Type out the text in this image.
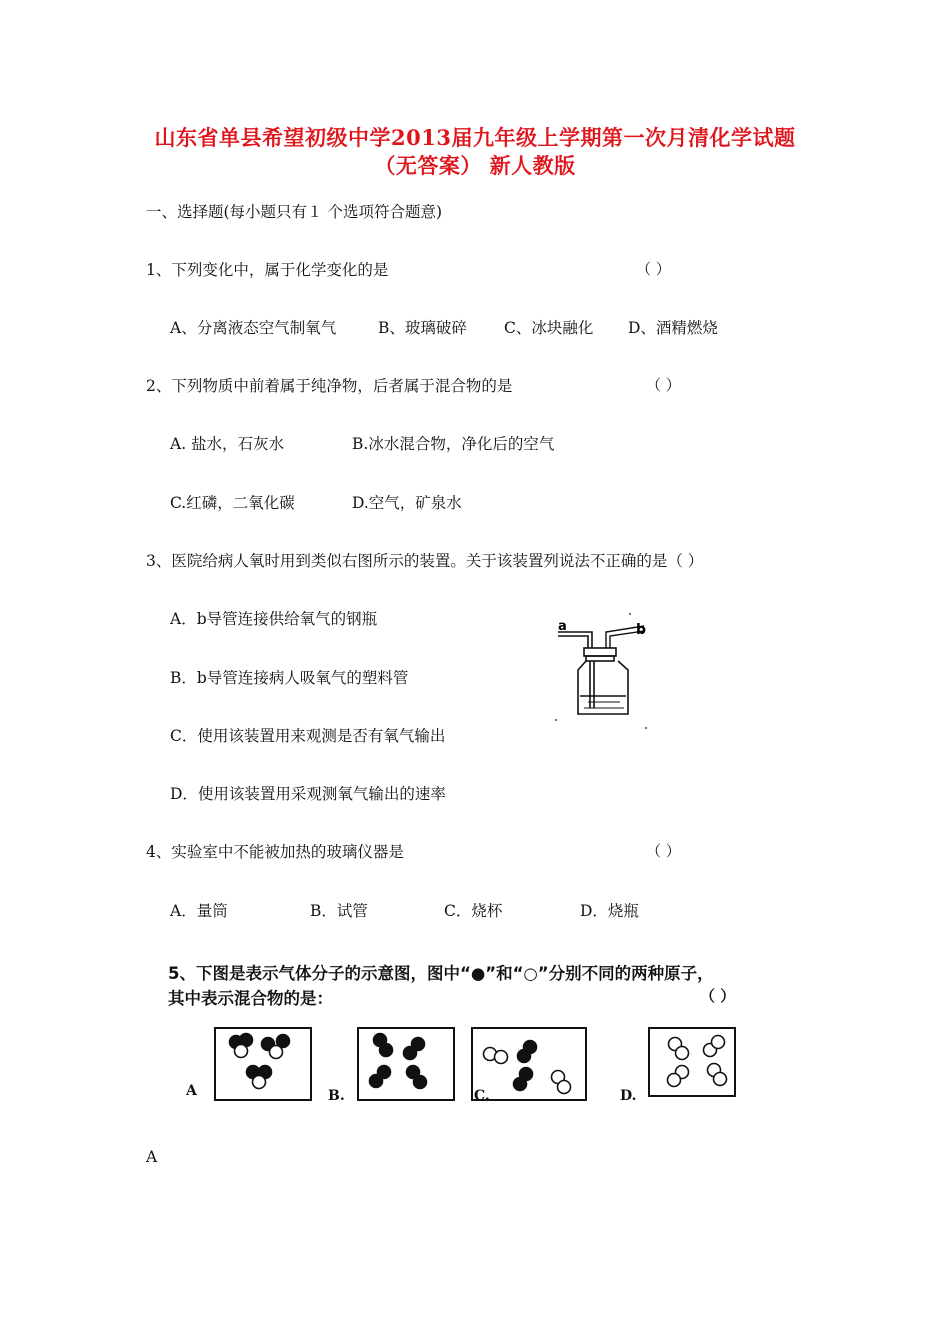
山东省单县希望初级中学2013届九年级上学期第一次月清化学试题
（无答案） 新人教版
一、选择题(每小题只有１ 个选项符合题意)
1、下列变化中，属于化学变化的是	（ ）
A、分离液态空气制氧气	B、玻璃破碎 C、冰块融化 D、酒精燃烧
2、下列物质中前着属于纯净物，后者属于混合物的是	（ ）
A. 盐水，石灰水	B.冰水混合物，净化后的空气
C.红磷，二氧化碳	D.空气，矿泉水
3、医院给病人氧时用到类似右图所示的装置。关于该装置列说法不正确的是（ ）
A．b导管连接供给氧气的钢瓶
B．b导管连接病人吸氧气的塑料管
C．使用该装置用来观测是否有氧气输出
D．使用该装置用采观测氧气输出的速率
a	b
4、实验室中不能被加热的玻璃仪器是	（ ）
A．量筒	B．试管	C．烧杯	D．烧瓶
5、下图是表示气体分子的示意图，图中“●”和“○”分别不同的两种原子，
其中表示混合物的是：	（ ）
A	B.	C.	D.
A
